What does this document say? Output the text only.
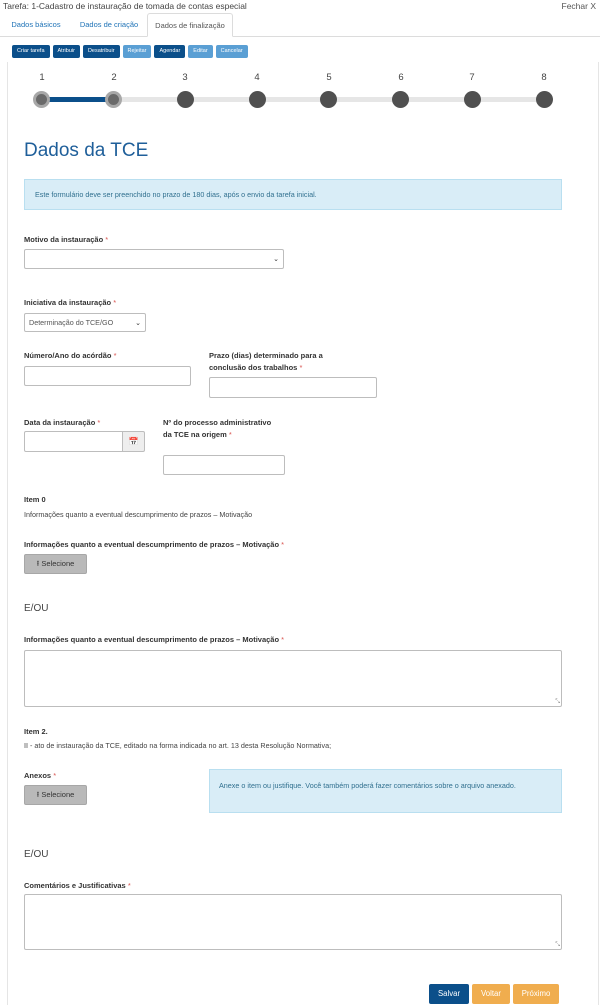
Tarefa: 1-Cadastro de instauração de tomada de contas especial	Fechar X
Dados básicos	Dados de criação	Dados de finalização
Criar tarefa	Atribuir	Desatribuir	Rejeitar	Agendar	Editar	Cancelar
1	2	3	4	5	6	7	8
Dados da TCE
Este formulário deve ser preenchido no prazo de 180 dias, após o envio da tarefa inicial.
Motivo da instauração *
⌄
Iniciativa da instauração *
Determinação do TCE/GO	⌄
Número/Ano do acórdão *	Prazo (dias) determinado para a conclusão dos trabalhos *
Data da instauração *
📅
Nº do processo administrativo da TCE na origem *
Item 0
Informações quanto a eventual descumprimento de prazos – Motivação
Informações quanto a eventual descumprimento de prazos – Motivação *
⭱ Selecione
E/OU
Informações quanto a eventual descumprimento de prazos – Motivação *
⤡
Item 2.
II - ato de instauração da TCE, editado na forma indicada no art. 13 desta Resolução Normativa;
Anexos *
⭱ Selecione
Anexe o item ou justifique. Você também poderá fazer comentários sobre o arquivo anexado.
E/OU
Comentários e Justificativas *
⤡
Salvar	Voltar	Próximo
